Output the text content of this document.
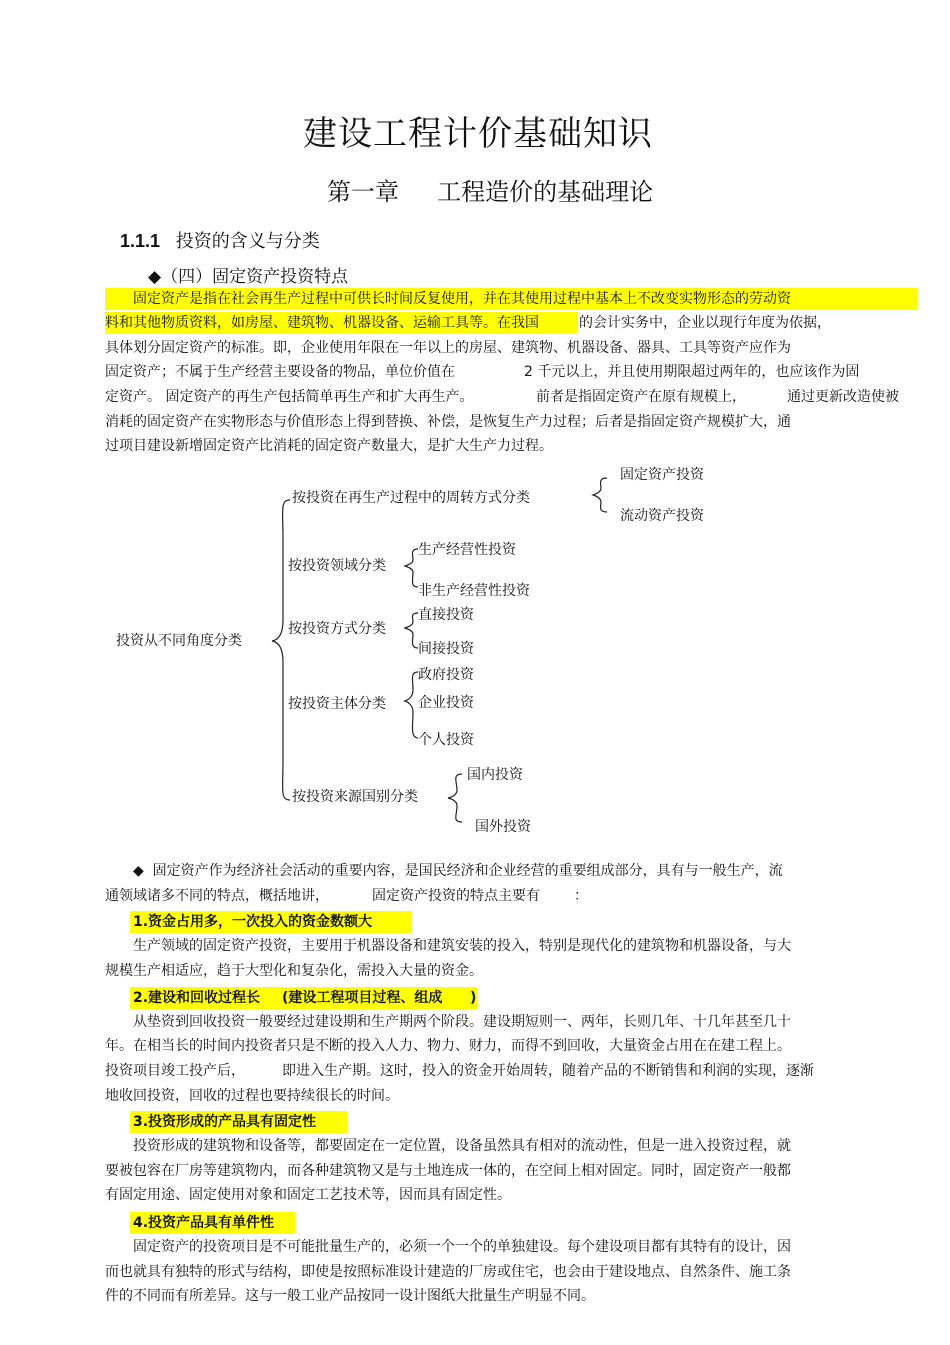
建设工程计价基础知识
第一章     工程造价的基础理论
1.1.1 投资的含义与分类
◆（四）固定资产投资特点
固定资产是指在社会再生产过程中可供长时间反复使用，并在其使用过程中基本上不改变实物形态的劳动资
料和其他物质资料，如房屋、建筑物、机器设备、运输工具等。在我国	的会计实务中，企业以现行年度为依据，
具体划分固定资产的标准。即，企业使用年限在一年以上的房屋、建筑物、机器设备、器具、工具等资产应作为
固定资产；不属于生产经营主要设备的物品，单位价值在	2 千元以上，并且使用期限超过两年的，也应该作为固
定资产。 固定资产的再生产包括简单再生产和扩大再生产。	前者是指固定资产在原有规模上，	通过更新改造使被
消耗的固定资产在实物形态与价值形态上得到替换、补偿，是恢复生产力过程；后者是指固定资产规模扩大，通
过项目建设新增固定资产比消耗的固定资产数量大，是扩大生产力过程。
投资从不同角度分类
按投资在再生产过程中的周转方式分类
固定资产投资
流动资产投资
按投资领域分类
生产经营性投资
非生产经营性投资
按投资方式分类
直接投资
间接投资
按投资主体分类
政府投资
企业投资
个人投资
按投资来源国别分类
国内投资
国外投资
◆  固定资产作为经济社会活动的重要内容，是国民经济和企业经营的重要组成部分，具有与一般生产，流
通领域诸多不同的特点，概括地讲，	固定资产投资的特点主要有 ：
1.资金占用多，一次投入的资金数额大
生产领域的固定资产投资，主要用于机器设备和建筑安装的投入，特别是现代化的建筑物和机器设备，与大
规模生产相适应，趋于大型化和复杂化，需投入大量的资金。
2.建设和回收过程长 (建设工程项目过程、组成 )
从垫资到回收投资一般要经过建设期和生产期两个阶段。建设期短则一、两年，长则几年、十几年甚至几十
年。在相当长的时间内投资者只是不断的投入人力、物力、财力，而得不到回收，大量资金占用在在建工程上。
投资项目竣工投产后，	即进入生产期。这时，投入的资金开始周转，随着产品的不断销售和利润的实现，逐渐
地收回投资，回收的过程也要持续很长的时间。
3.投资形成的产品具有固定性
投资形成的建筑物和设备等，都要固定在一定位置，设备虽然具有相对的流动性，但是一进入投资过程，就
要被包容在厂房等建筑物内，而各种建筑物又是与土地连成一体的，在空间上相对固定。同时，固定资产一般都
有固定用途、固定使用对象和固定工艺技术等，因而具有固定性。
4.投资产品具有单件性
固定资产的投资项目是不可能批量生产的，必须一个一个的单独建设。每个建设项目都有其特有的设计，因
而也就具有独特的形式与结构，即使是按照标准设计建造的厂房或住宅，也会由于建设地点、自然条件、施工条
件的不同而有所差异。这与一般工业产品按同一设计图纸大批量生产明显不同。
